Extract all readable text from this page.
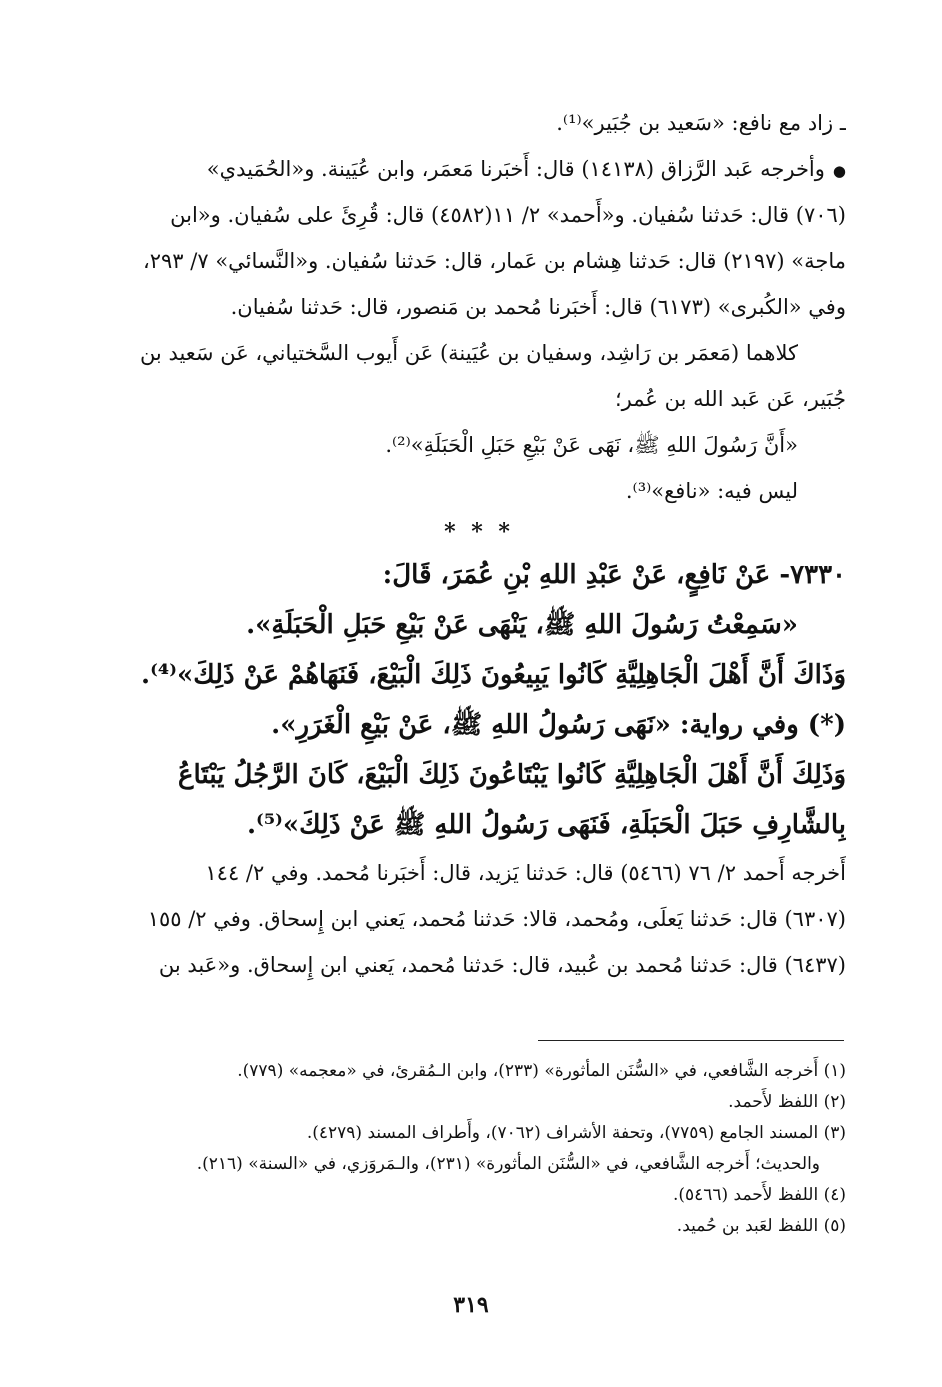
ـ زاد مع نافع: «سَعيد بن جُبَير»⁽¹⁾.
● وأخرجه عَبد الرَّزاق (١٤١٣٨) قال: أَخبَرنا مَعمَر، وابن عُيَينة. و«الحُمَيدي»
(٧٠٦) قال: حَدثنا سُفيان. و«أَحمد» ٢/ ١١(٤٥٨٢) قال: قُرِئَ على سُفيان. و«ابن
ماجة» (٢١٩٧) قال: حَدثنا هِشام بن عَمار، قال: حَدثنا سُفيان. و«النَّسائي» ٧/ ٢٩٣،
وفي «الكُبرى» (٦١٧٣) قال: أَخبَرنا مُحمد بن مَنصور، قال: حَدثنا سُفيان.
كلاهما (مَعمَر بن رَاشِد، وسفيان بن عُيَينة) عَن أَيوب السَّختياني، عَن سَعيد بن
جُبَير، عَن عَبد الله بن عُمر؛
«أَنَّ رَسُولَ اللهِ ﷺ، نَهَى عَنْ بَيْعِ حَبَلِ الْحَبَلَةِ»⁽²⁾.
ليس فيه: «نافع»⁽³⁾.
* * *
٧٣٣٠- عَنْ نَافِعٍ، عَنْ عَبْدِ اللهِ بْنِ عُمَرَ، قَالَ:
«سَمِعْتُ رَسُولَ اللهِ ﷺ، يَنْهَى عَنْ بَيْعِ حَبَلِ الْحَبَلَةِ».
وَذَاكَ أَنَّ أَهْلَ الْجَاهِلِيَّةِ كَانُوا يَبِيعُونَ ذَلِكَ الْبَيْعَ، فَنَهَاهُمْ عَنْ ذَلِكَ»⁽⁴⁾.
(*) وفي رواية: «نَهَى رَسُولُ اللهِ ﷺ، عَنْ بَيْعِ الْغَرَرِ».
وَذَلِكَ أَنَّ أَهْلَ الْجَاهِلِيَّةِ كَانُوا يَبْتَاعُونَ ذَلِكَ الْبَيْعَ، كَانَ الرَّجُلُ يَبْتَاعُ
بِالشَّارِفِ حَبَلَ الْحَبَلَةِ، فَنَهَى رَسُولُ اللهِ ﷺ عَنْ ذَلِكَ»⁽⁵⁾.
أَخرجه أَحمد ٢/ ٧٦ (٥٤٦٦) قال: حَدثنا يَزيد، قال: أَخبَرنا مُحمد. وفي ٢/ ١٤٤
(٦٣٠٧) قال: حَدثنا يَعلَى، ومُحمد، قالا: حَدثنا مُحمد، يَعني ابن إِسحاق. وفي ٢/ ١٥٥
(٦٤٣٧) قال: حَدثنا مُحمد بن عُبيد، قال: حَدثنا مُحمد، يَعني ابن إِسحاق. و«عَبد بن
(١) أَخرجه الشَّافعي، في «السُّنَن المأثورة» (٢٣٣)، وابن الـمُقرئ، في «معجمه» (٧٧٩).
(٢) اللفظ لأَحمد.
(٣) المسند الجامع (٧٧٥٩)، وتحفة الأشراف (٧٠٦٢)، وأَطراف المسند (٤٢٧٩).
والحديث؛ أَخرجه الشَّافعي، في «السُّنَن المأثورة» (٢٣١)، والـمَروَزي، في «السنة» (٢١٦).
(٤) اللفظ لأَحمد (٥٤٦٦).
(٥) اللفظ لعَبد بن حُميد.
٣١٩
